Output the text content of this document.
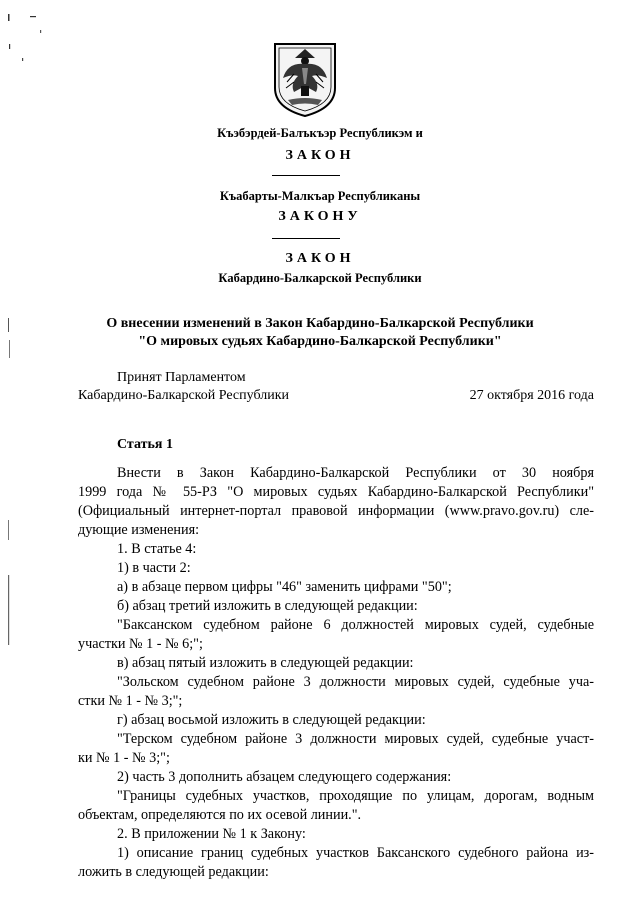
Къэбэрдей-Балъкъэр Республикэм и
ЗАКОН
Къабарты-Малкъар Республиканы
ЗАКОНУ
ЗАКОН
Кабардино-Балкарской Республики
О внесении изменений в Закон Кабардино-Балкарской Республики
"О мировых судьях Кабардино-Балкарской Республики"
Принят Парламентом
Кабардино-Балкарской Республики	27 октября 2016 года
Статья 1

Внести в Закон Кабардино-Балкарской Республики от 30 ноября

1999 года № 55-РЗ "О мировых судьях Кабардино-Балкарской Республики"

(Официальный интернет-портал правовой информации (www.pravo.gov.ru) сле-

дующие изменения:

1. В статье 4:

1) в части 2:

а) в абзаце первом цифры "46" заменить цифрами "50";

б) абзац третий изложить в следующей редакции:

"Баксанском судебном районе 6 должностей мировых судей, судебные

участки № 1 - № 6;";

в) абзац пятый изложить в следующей редакции:

"Зольском судебном районе 3 должности мировых судей, судебные уча-

стки № 1 - № 3;";

г) абзац восьмой изложить в следующей редакции:

"Терском судебном районе 3 должности мировых судей, судебные участ-

ки № 1 - № 3;";

2) часть 3 дополнить абзацем следующего содержания:

"Границы судебных участков, проходящие по улицам, дорогам, водным

объектам, определяются по их осевой линии.".

2. В приложении № 1 к Закону:

1) описание границ судебных участков Баксанского судебного района из-

ложить в следующей редакции:
